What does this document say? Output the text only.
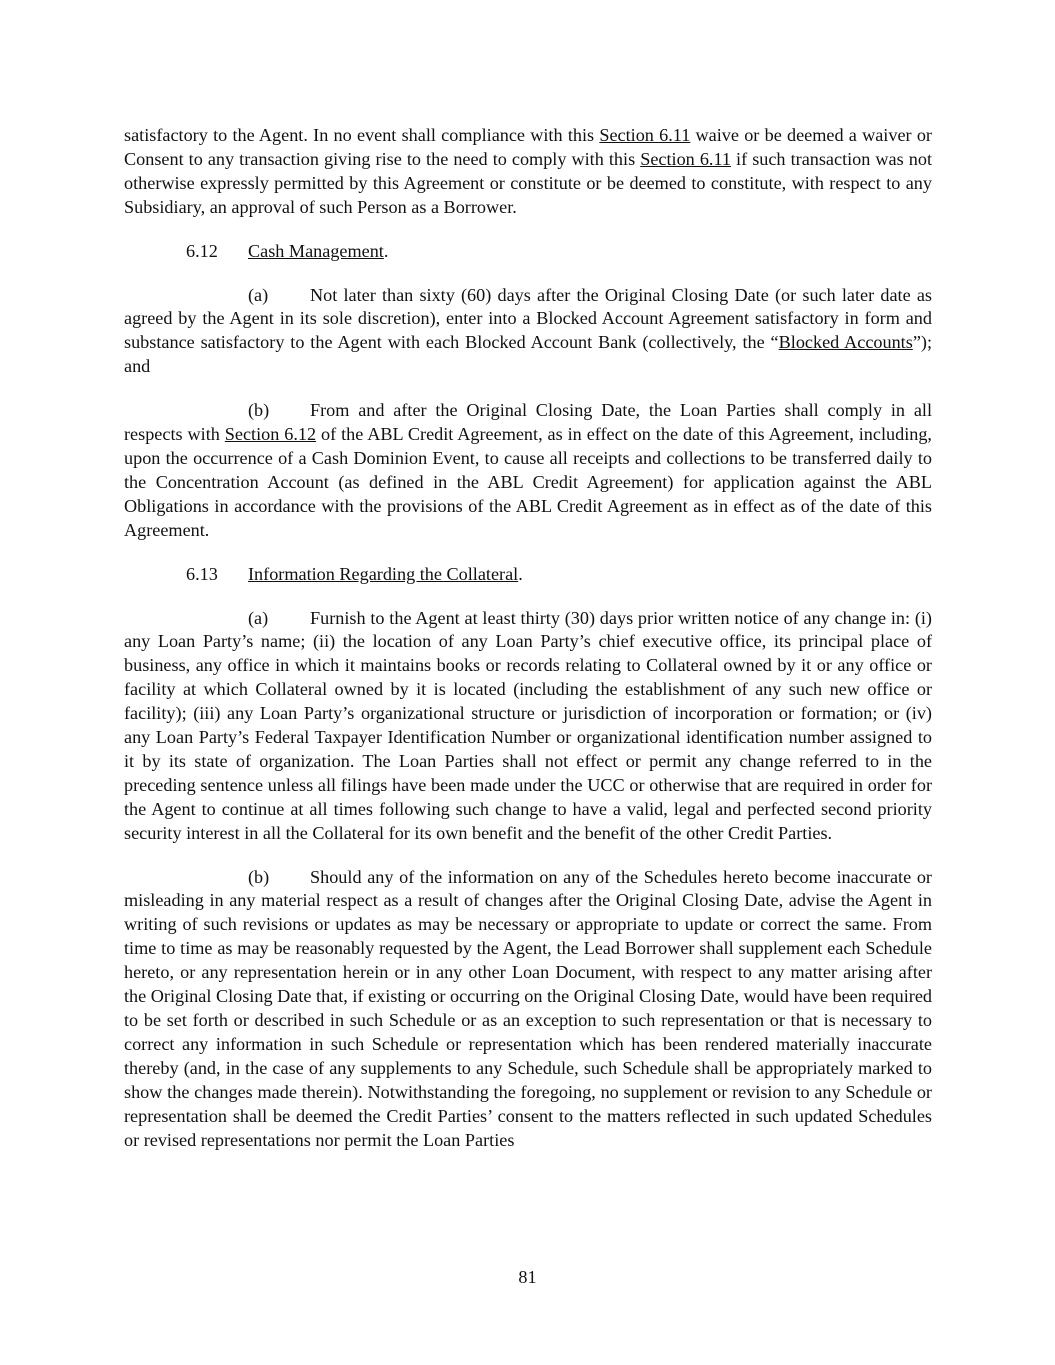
satisfactory to the Agent. In no event shall compliance with this Section 6.11 waive or be deemed a waiver or Consent to any transaction giving rise to the need to comply with this Section 6.11 if such transaction was not otherwise expressly permitted by this Agreement or constitute or be deemed to constitute, with respect to any Subsidiary, an approval of such Person as a Borrower.

6.12 Cash Management.

(a) Not later than sixty (60) days after the Original Closing Date (or such later date as agreed by the Agent in its sole discretion), enter into a Blocked Account Agreement satisfactory in form and substance satisfactory to the Agent with each Blocked Account Bank (collectively, the “Blocked Accounts”); and

(b) From and after the Original Closing Date, the Loan Parties shall comply in all respects with Section 6.12 of the ABL Credit Agreement, as in effect on the date of this Agreement, including, upon the occurrence of a Cash Dominion Event, to cause all receipts and collections to be transferred daily to the Concentration Account (as defined in the ABL Credit Agreement) for application against the ABL Obligations in accordance with the provisions of the ABL Credit Agreement as in effect as of the date of this Agreement.

6.13 Information Regarding the Collateral.

(a) Furnish to the Agent at least thirty (30) days prior written notice of any change in: (i) any Loan Party’s name; (ii) the location of any Loan Party’s chief executive office, its principal place of business, any office in which it maintains books or records relating to Collateral owned by it or any office or facility at which Collateral owned by it is located (including the establishment of any such new office or facility); (iii) any Loan Party’s organizational structure or jurisdiction of incorporation or formation; or (iv) any Loan Party’s Federal Taxpayer Identification Number or organizational identification number assigned to it by its state of organization. The Loan Parties shall not effect or permit any change referred to in the preceding sentence unless all filings have been made under the UCC or otherwise that are required in order for the Agent to continue at all times following such change to have a valid, legal and perfected second priority security interest in all the Collateral for its own benefit and the benefit of the other Credit Parties.

(b) Should any of the information on any of the Schedules hereto become inaccurate or misleading in any material respect as a result of changes after the Original Closing Date, advise the Agent in writing of such revisions or updates as may be necessary or appropriate to update or correct the same. From time to time as may be reasonably requested by the Agent, the Lead Borrower shall supplement each Schedule hereto, or any representation herein or in any other Loan Document, with respect to any matter arising after the Original Closing Date that, if existing or occurring on the Original Closing Date, would have been required to be set forth or described in such Schedule or as an exception to such representation or that is necessary to correct any information in such Schedule or representation which has been rendered materially inaccurate thereby (and, in the case of any supplements to any Schedule, such Schedule shall be appropriately marked to show the changes made therein). Notwithstanding the foregoing, no supplement or revision to any Schedule or representation shall be deemed the Credit Parties’ consent to the matters reflected in such updated Schedules or revised representations nor permit the Loan Parties

81
